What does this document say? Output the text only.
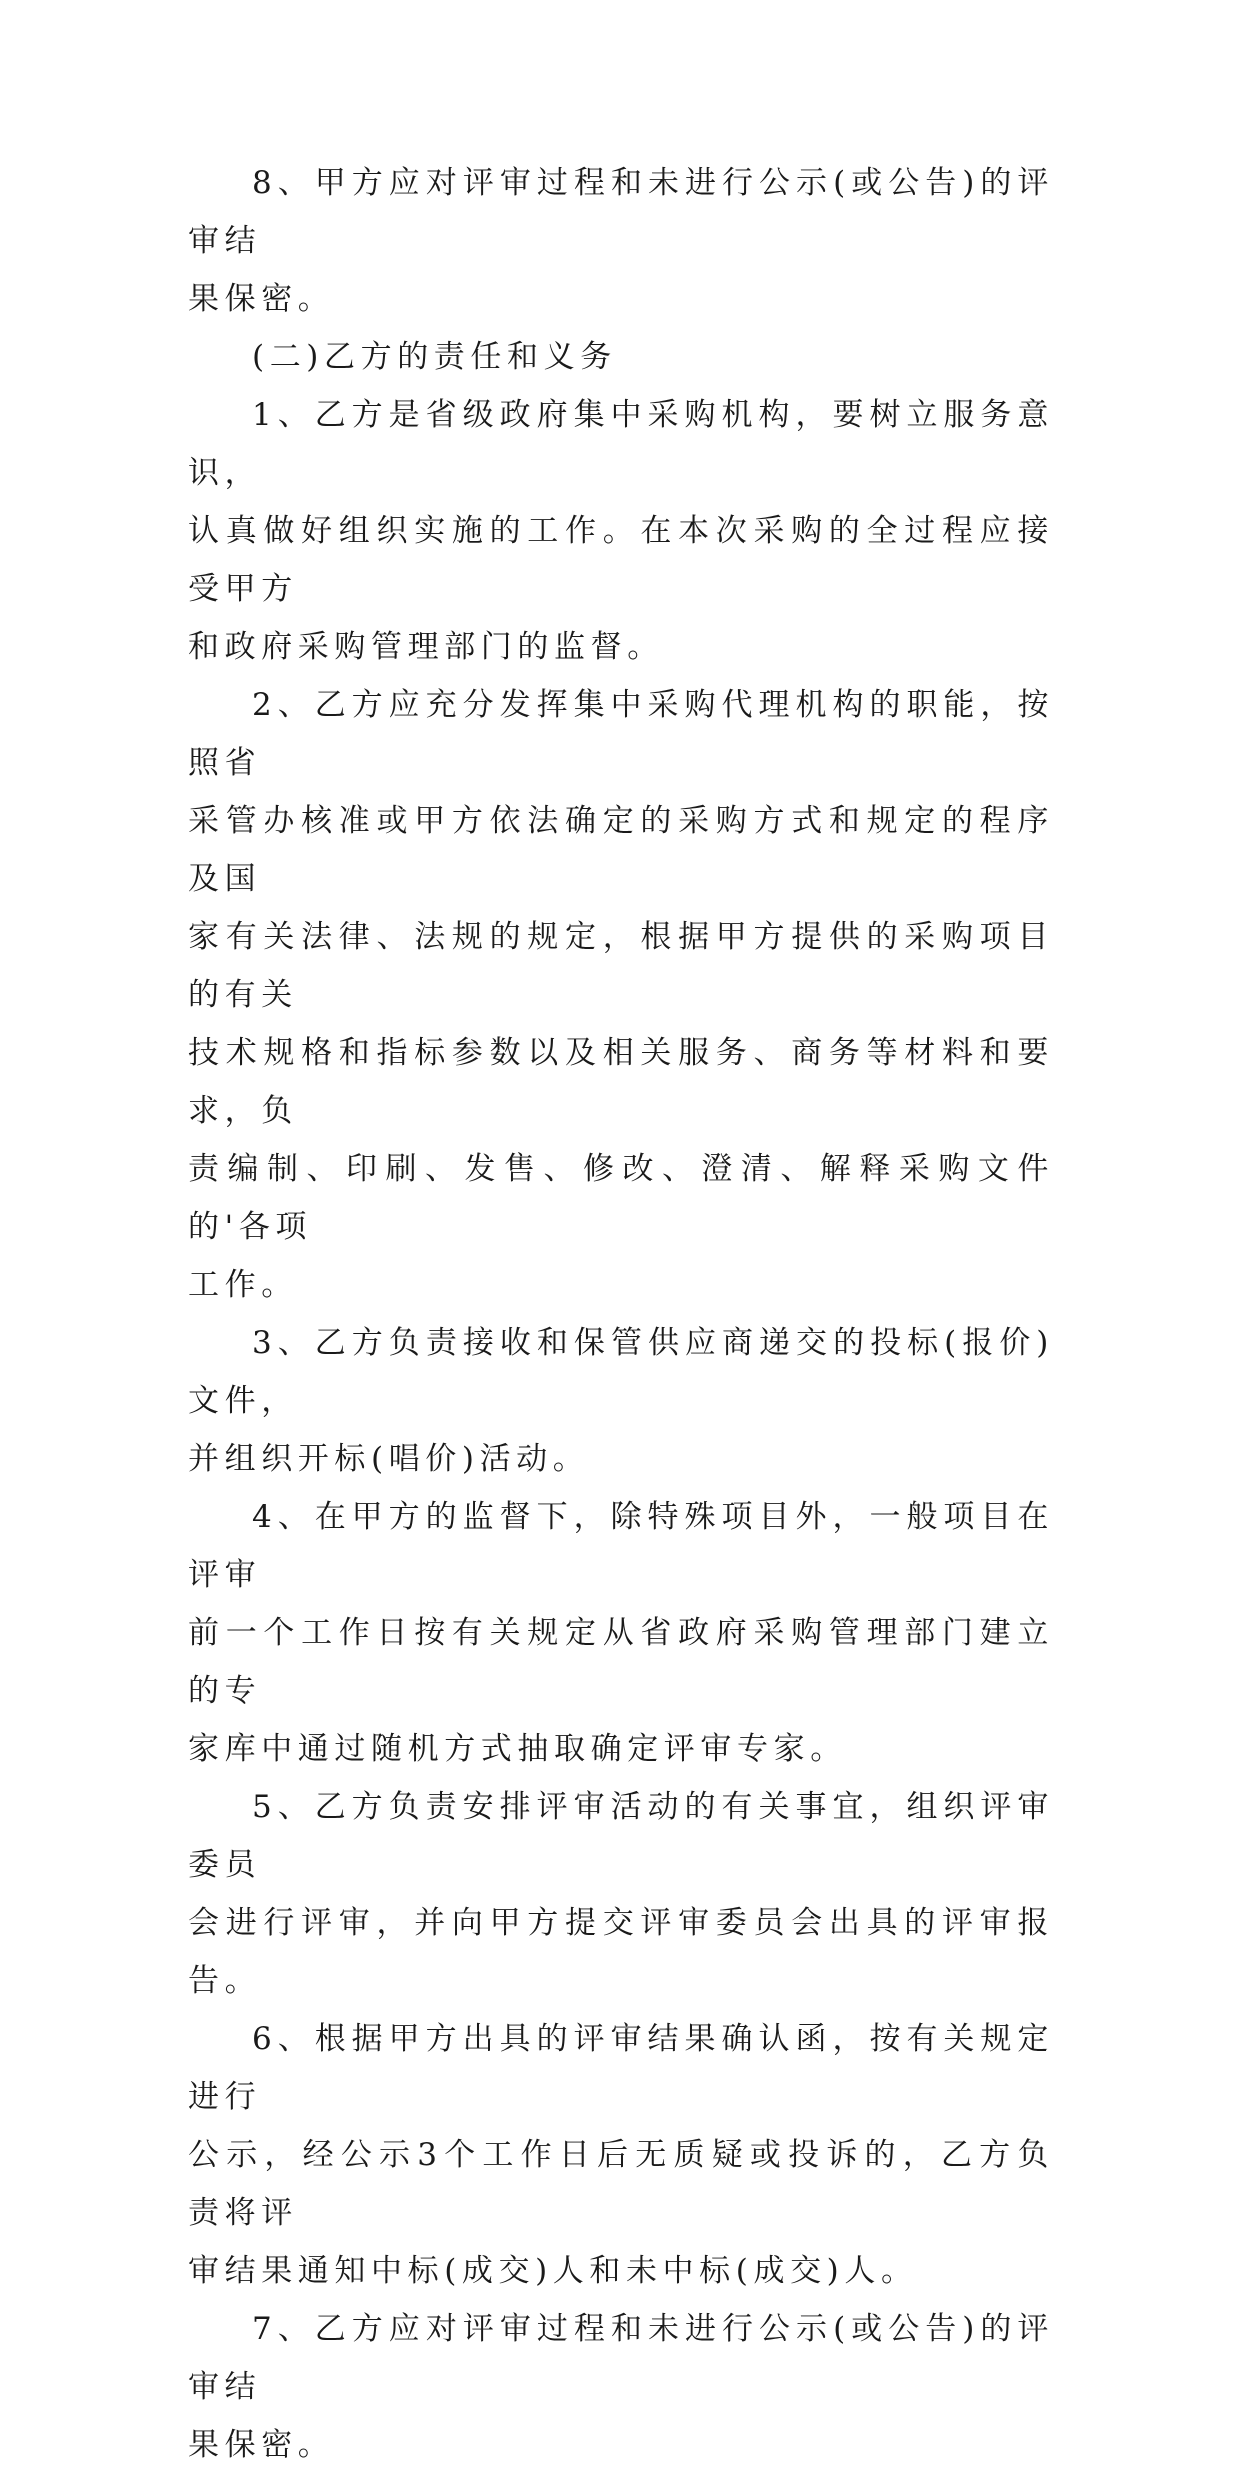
8、甲方应对评审过程和未进行公示(或公告)的评审结
果保密。

(二)乙方的责任和义务

1、乙方是省级政府集中采购机构，要树立服务意识，
认真做好组织实施的工作。在本次采购的全过程应接受甲方
和政府采购管理部门的监督。

2、乙方应充分发挥集中采购代理机构的职能，按照省
采管办核准或甲方依法确定的采购方式和规定的程序及国
家有关法律、法规的规定，根据甲方提供的采购项目的有关
技术规格和指标参数以及相关服务、商务等材料和要求，负
责编制、印刷、发售、修改、澄清、解释采购文件的'各项
工作。

3、乙方负责接收和保管供应商递交的投标(报价)文件，
并组织开标(唱价)活动。

4、在甲方的监督下，除特殊项目外，一般项目在评审
前一个工作日按有关规定从省政府采购管理部门建立的专
家库中通过随机方式抽取确定评审专家。

5、乙方负责安排评审活动的有关事宜，组织评审委员
会进行评审，并向甲方提交评审委员会出具的评审报告。

6、根据甲方出具的评审结果确认函，按有关规定进行
公示，经公示3个工作日后无质疑或投诉的，乙方负责将评
审结果通知中标(成交)人和未中标(成交)人。

7、乙方应对评审过程和未进行公示(或公告)的评审结
果保密。
